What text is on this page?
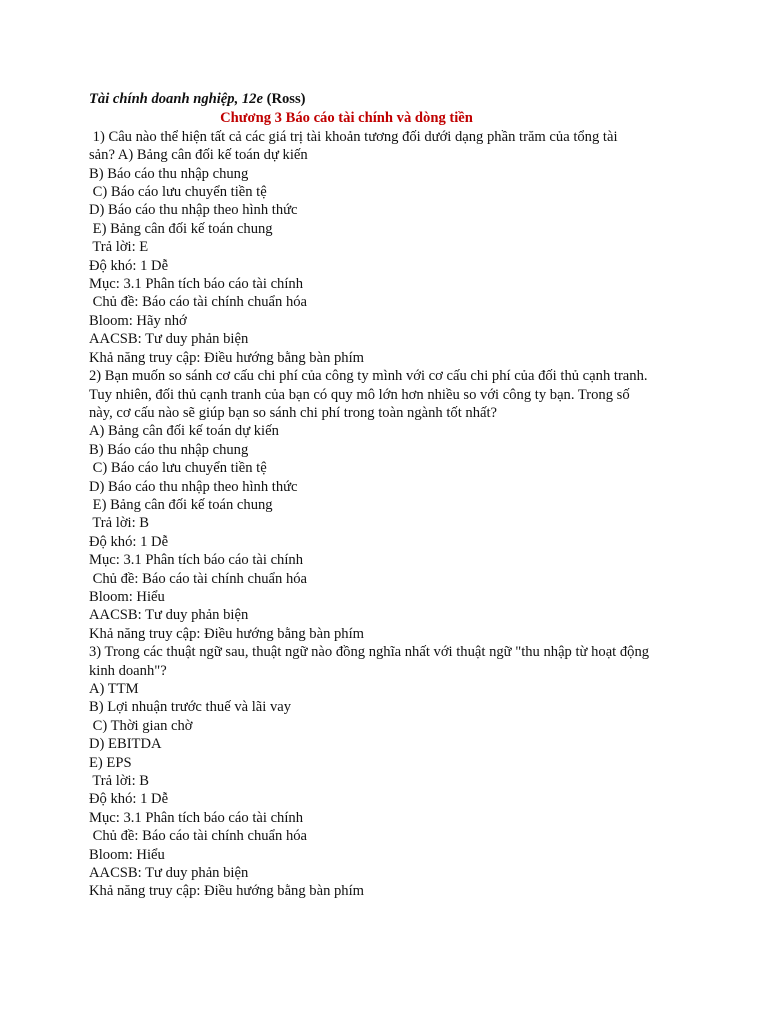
Tài chính doanh nghiệp, 12e (Ross)
Chương 3 Báo cáo tài chính và dòng tiền
1) Câu nào thể hiện tất cả các giá trị tài khoản tương đối dưới dạng phần trăm của tổng tài
sản? A) Bảng cân đối kế toán dự kiến
B) Báo cáo thu nhập chung
C) Báo cáo lưu chuyển tiền tệ
D) Báo cáo thu nhập theo hình thức
E) Bảng cân đối kế toán chung
Trả lời: E
Độ khó: 1 Dễ
Mục: 3.1 Phân tích báo cáo tài chính
Chủ đề: Báo cáo tài chính chuẩn hóa
Bloom: Hãy nhớ
AACSB: Tư duy phản biện
Khả năng truy cập: Điều hướng bằng bàn phím
2) Bạn muốn so sánh cơ cấu chi phí của công ty mình với cơ cấu chi phí của đối thủ cạnh tranh.
Tuy nhiên, đối thủ cạnh tranh của bạn có quy mô lớn hơn nhiều so với công ty bạn. Trong số
này, cơ cấu nào sẽ giúp bạn so sánh chi phí trong toàn ngành tốt nhất?
A) Bảng cân đối kế toán dự kiến
B) Báo cáo thu nhập chung
C) Báo cáo lưu chuyển tiền tệ
D) Báo cáo thu nhập theo hình thức
E) Bảng cân đối kế toán chung
Trả lời: B
Độ khó: 1 Dễ
Mục: 3.1 Phân tích báo cáo tài chính
Chủ đề: Báo cáo tài chính chuẩn hóa
Bloom: Hiểu
AACSB: Tư duy phản biện
Khả năng truy cập: Điều hướng bằng bàn phím
3) Trong các thuật ngữ sau, thuật ngữ nào đồng nghĩa nhất với thuật ngữ "thu nhập từ hoạt động
kinh doanh"?
A) TTM
B) Lợi nhuận trước thuế và lãi vay
C) Thời gian chờ
D) EBITDA
E) EPS
Trả lời: B
Độ khó: 1 Dễ
Mục: 3.1 Phân tích báo cáo tài chính
Chủ đề: Báo cáo tài chính chuẩn hóa
Bloom: Hiểu
AACSB: Tư duy phản biện
Khả năng truy cập: Điều hướng bằng bàn phím
